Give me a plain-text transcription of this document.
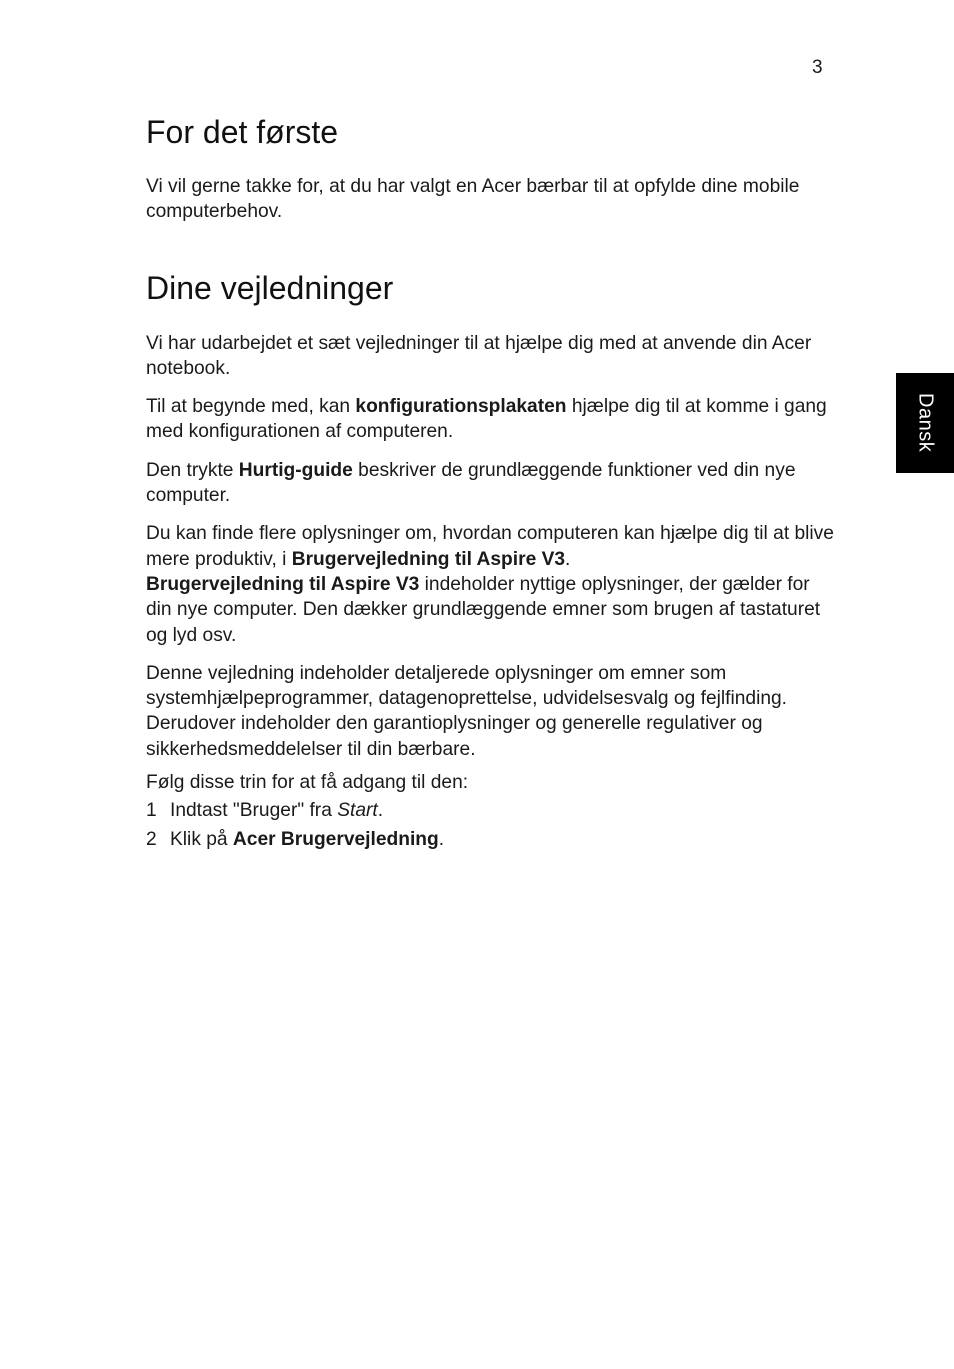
3
Dansk
For det første

Vi vil gerne takke for, at du har valgt en Acer bærbar til at opfylde dine mobile computerbehov.

Dine vejledninger

Vi har udarbejdet et sæt vejledninger til at hjælpe dig med at anvende din Acer notebook.

Til at begynde med, kan konfigurationsplakaten hjælpe dig til at komme i gang med konfigurationen af computeren.

Den trykte Hurtig-guide beskriver de grundlæggende funktioner ved din nye computer.

Du kan finde flere oplysninger om, hvordan computeren kan hjælpe dig til at blive mere produktiv, i Brugervejledning til Aspire V3.
Brugervejledning til Aspire V3 indeholder nyttige oplysninger, der gælder for din nye computer. Den dækker grundlæggende emner som brugen af tastaturet og lyd osv.

Denne vejledning indeholder detaljerede oplysninger om emner som systemhjælpeprogrammer, datagenoprettelse, udvidelsesvalg og fejlfinding. Derudover indeholder den garantioplysninger og generelle regulativer og sikkerhedsmeddelelser til din bærbare.

Følg disse trin for at få adgang til den:

1 Indtast "Bruger" fra Start.
2 Klik på Acer Brugervejledning.
